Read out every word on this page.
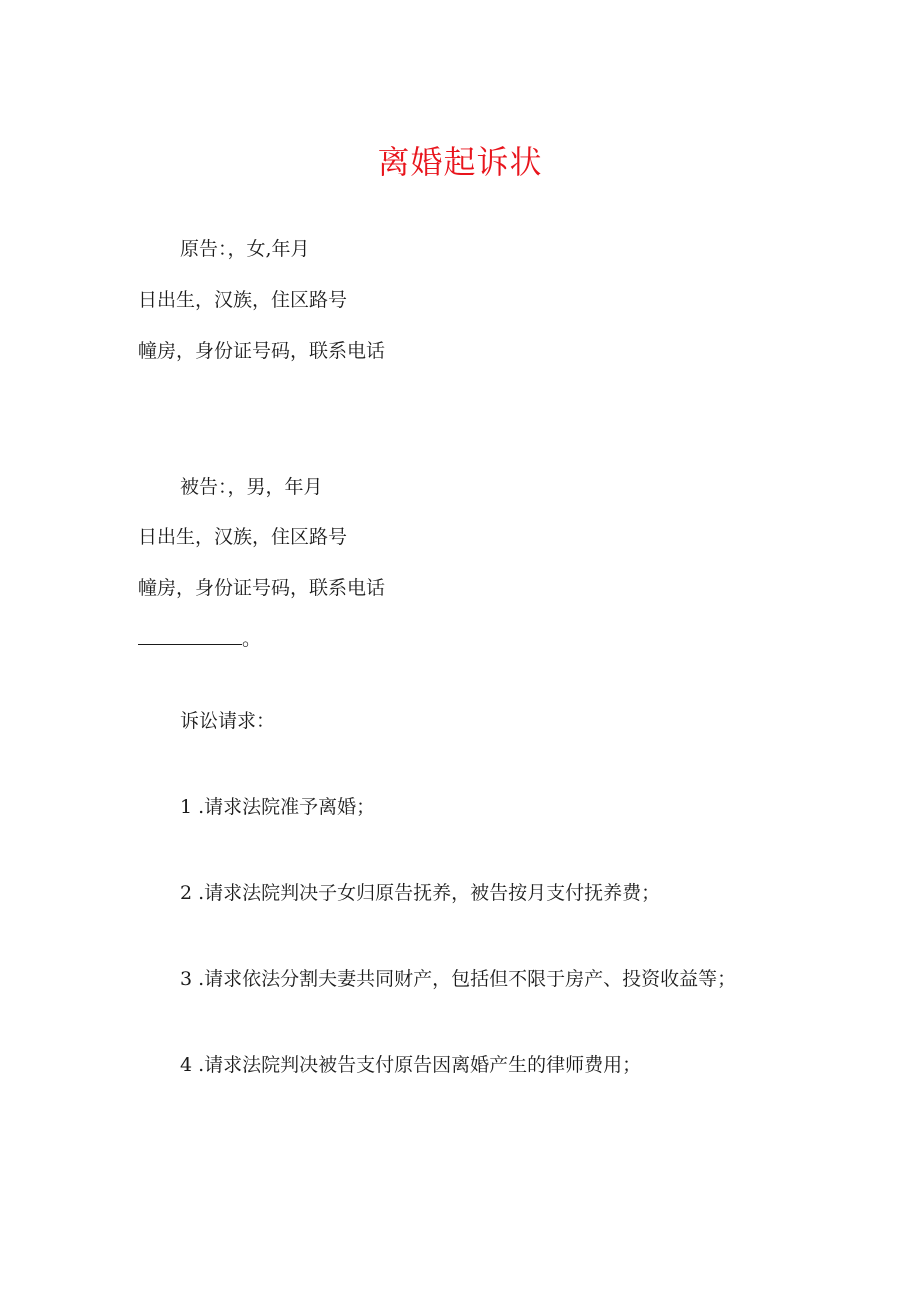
离婚起诉状
原告：，女,年月
日出生，汉族，住区路号
幢房，身份证号码，联系电话
被告：，男，年月
日出生，汉族，住区路号
幢房，身份证号码，联系电话
。
诉讼请求：
1 .请求法院准予离婚；
2 .请求法院判决子女归原告抚养，被告按月支付抚养费；
3 .请求依法分割夫妻共同财产，包括但不限于房产、投资收益等；
4 .请求法院判决被告支付原告因离婚产生的律师费用；
